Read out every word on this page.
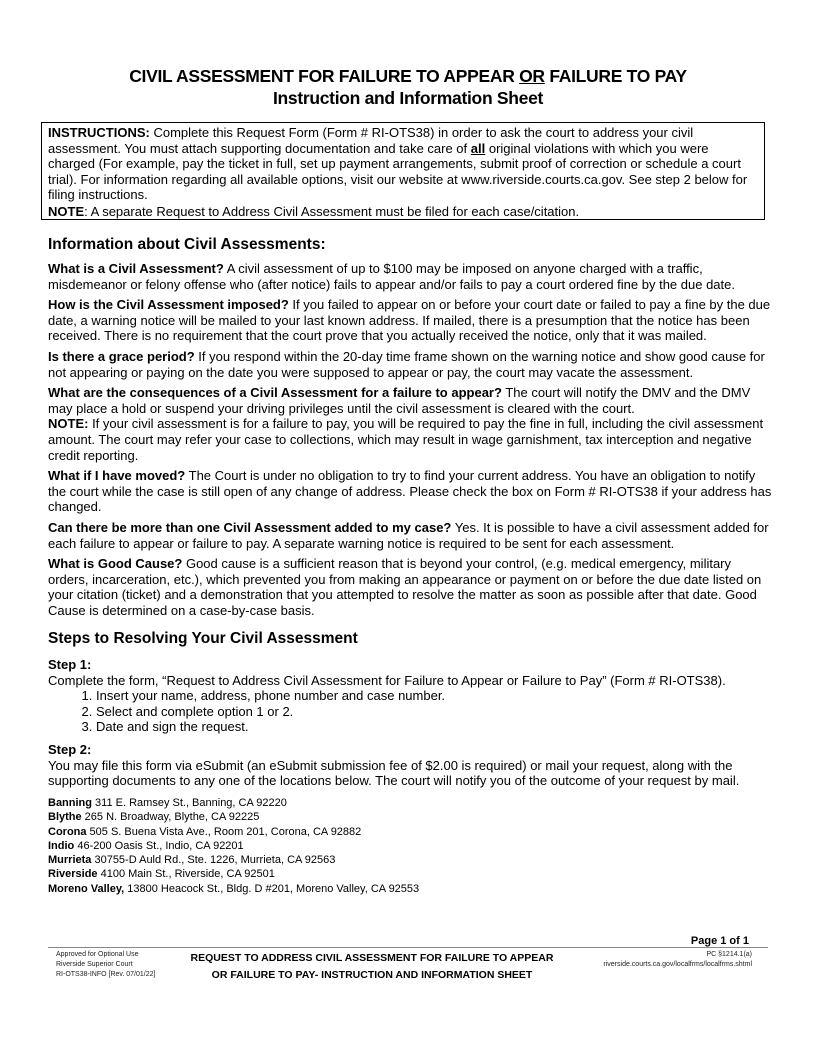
CIVIL ASSESSMENT FOR FAILURE TO APPEAR OR FAILURE TO PAY
Instruction and Information Sheet

INSTRUCTIONS: Complete this Request Form (Form # RI-OTS38) in order to ask the court to address your civil assessment. You must attach supporting documentation and take care of all original violations with which you were charged (For example, pay the ticket in full, set up payment arrangements, submit proof of correction or schedule a court trial). For information regarding all available options, visit our website at www.riverside.courts.ca.gov. See step 2 below for filing instructions.

NOTE: A separate Request to Address Civil Assessment must be filed for each case/citation.

Information about Civil Assessments:

What is a Civil Assessment? A civil assessment of up to $100 may be imposed on anyone charged with a traffic, misdemeanor or felony offense who (after notice) fails to appear and/or fails to pay a court ordered fine by the due date.

How is the Civil Assessment imposed? If you failed to appear on or before your court date or failed to pay a fine by the due date, a warning notice will be mailed to your last known address. If mailed, there is a presumption that the notice has been received. There is no requirement that the court prove that you actually received the notice, only that it was mailed.

Is there a grace period? If you respond within the 20-day time frame shown on the warning notice and show good cause for not appearing or paying on the date you were supposed to appear or pay, the court may vacate the assessment.

What are the consequences of a Civil Assessment for a failure to appear? The court will notify the DMV and the DMV may place a hold or suspend your driving privileges until the civil assessment is cleared with the court.

NOTE: If your civil assessment is for a failure to pay, you will be required to pay the fine in full, including the civil assessment amount. The court may refer your case to collections, which may result in wage garnishment, tax interception and negative credit reporting.

What if I have moved? The Court is under no obligation to try to find your current address. You have an obligation to notify the court while the case is still open of any change of address. Please check the box on Form # RI-OTS38 if your address has changed.

Can there be more than one Civil Assessment added to my case? Yes. It is possible to have a civil assessment added for each failure to appear or failure to pay. A separate warning notice is required to be sent for each assessment.

What is Good Cause? Good cause is a sufficient reason that is beyond your control, (e.g. medical emergency, military orders, incarceration, etc.), which prevented you from making an appearance or payment on or before the due date listed on your citation (ticket) and a demonstration that you attempted to resolve the matter as soon as possible after that date. Good Cause is determined on a case-by-case basis.

Steps to Resolving Your Civil Assessment

Step 1:

Complete the form, “Request to Address Civil Assessment for Failure to Appear or Failure to Pay” (Form # RI-OTS38).

1. Insert your name, address, phone number and case number.
2. Select and complete option 1 or 2.
3. Date and sign the request.

Step 2:

You may file this form via eSubmit (an eSubmit submission fee of $2.00 is required) or mail your request, along with the supporting documents to any one of the locations below. The court will notify you of the outcome of your request by mail.

Banning 311 E. Ramsey St., Banning, CA 92220
Blythe 265 N. Broadway, Blythe, CA 92225
Corona 505 S. Buena Vista Ave., Room 201, Corona, CA 92882
Indio 46-200 Oasis St., Indio, CA 92201
Murrieta 30755-D Auld Rd., Ste. 1226, Murrieta, CA 92563
Riverside 4100 Main St., Riverside, CA 92501
Moreno Valley, 13800 Heacock St., Bldg. D #201, Moreno Valley, CA 92553
Page 1 of 1
Approved for Optional Use
Riverside Superior Court
RI-OTS38-INFO [Rev. 07/01/22]
REQUEST TO ADDRESS CIVIL ASSESSMENT FOR FAILURE TO APPEAR
OR FAILURE TO PAY- INSTRUCTION AND INFORMATION SHEET
PC §1214.1(a)
riverside.courts.ca.gov/localfrms/localfrms.shtml
